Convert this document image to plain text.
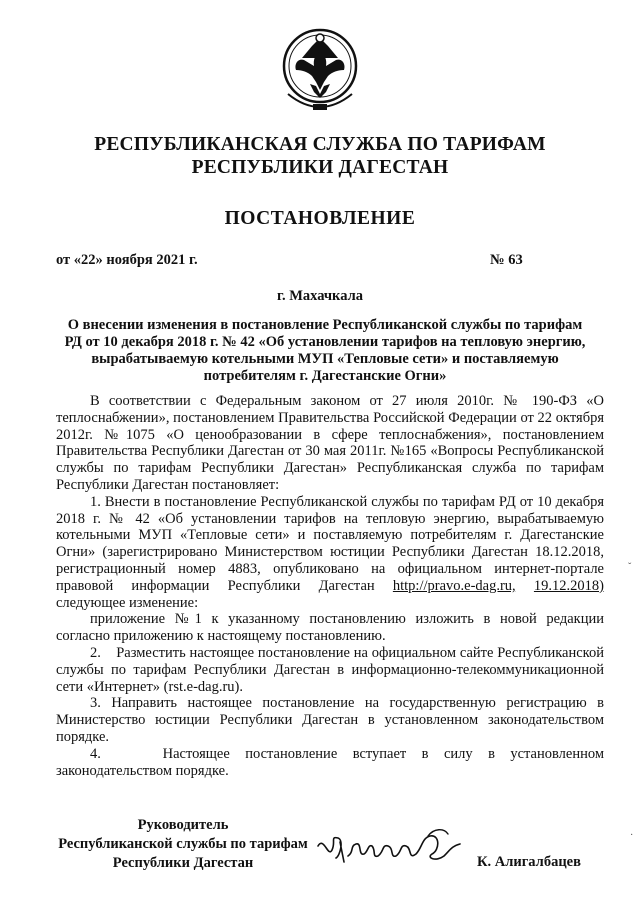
РЕСПУБЛИКАНСКАЯ СЛУЖБА ПО ТАРИФАМ
РЕСПУБЛИКИ ДАГЕСТАН
ПОСТАНОВЛЕНИЕ
от «22» ноября 2021 г.	№ 63
г. Махачкала
О внесении изменения в постановление Республиканской службы по тарифам
РД от 10 декабря 2018 г. № 42 «Об установлении тарифов на тепловую энергию,
вырабатываемую котельными МУП «Тепловые сети» и поставляемую
потребителям г. Дагестанские Огни»

В соответствии с Федеральным законом от 27 июля 2010г. № 190-ФЗ «О теплоснабжении», постановлением Правительства Российской Федерации от 22 октября 2012г. №1075 «О ценообразовании в сфере теплоснабжения», постановлением Правительства Республики Дагестан от 30 мая 2011г. №165 «Вопросы Республиканской службы по тарифам Республики Дагестан» Республиканская служба по тарифам Республики Дагестан постановляет:

1. Внести в постановление Республиканской службы по тарифам РД от 10 декабря 2018 г. № 42 «Об установлении тарифов на тепловую энергию, вырабатываемую котельными МУП «Тепловые сети» и поставляемую потребителям г. Дагестанские Огни» (зарегистрировано Министерством юстиции Республики Дагестан 18.12.2018, регистрационный номер 4883, опубликовано на официальном интернет-портале правовой информации Республики Дагестан http://pravo.e-dag.ru, 19.12.2018) следующее изменение:

приложение №1 к указанному постановлению изложить в новой редакции согласно приложению к настоящему постановлению.

2.    Разместить настоящее постановление на официальном сайте Республиканской службы по тарифам Республики Дагестан в информационно-телекоммуникационной сети «Интернет» (rst.e-dag.ru).

3. Направить настоящее постановление на государственную регистрацию в Министерство юстиции Республики Дагестан в установленном законодательством порядке.

4.    Настоящее постановление вступает в силу в установленном законодательством порядке.

Руководитель
Республиканской службы по тарифам
Республики Дагестан	К. Алигалбацев
ˇ
·
